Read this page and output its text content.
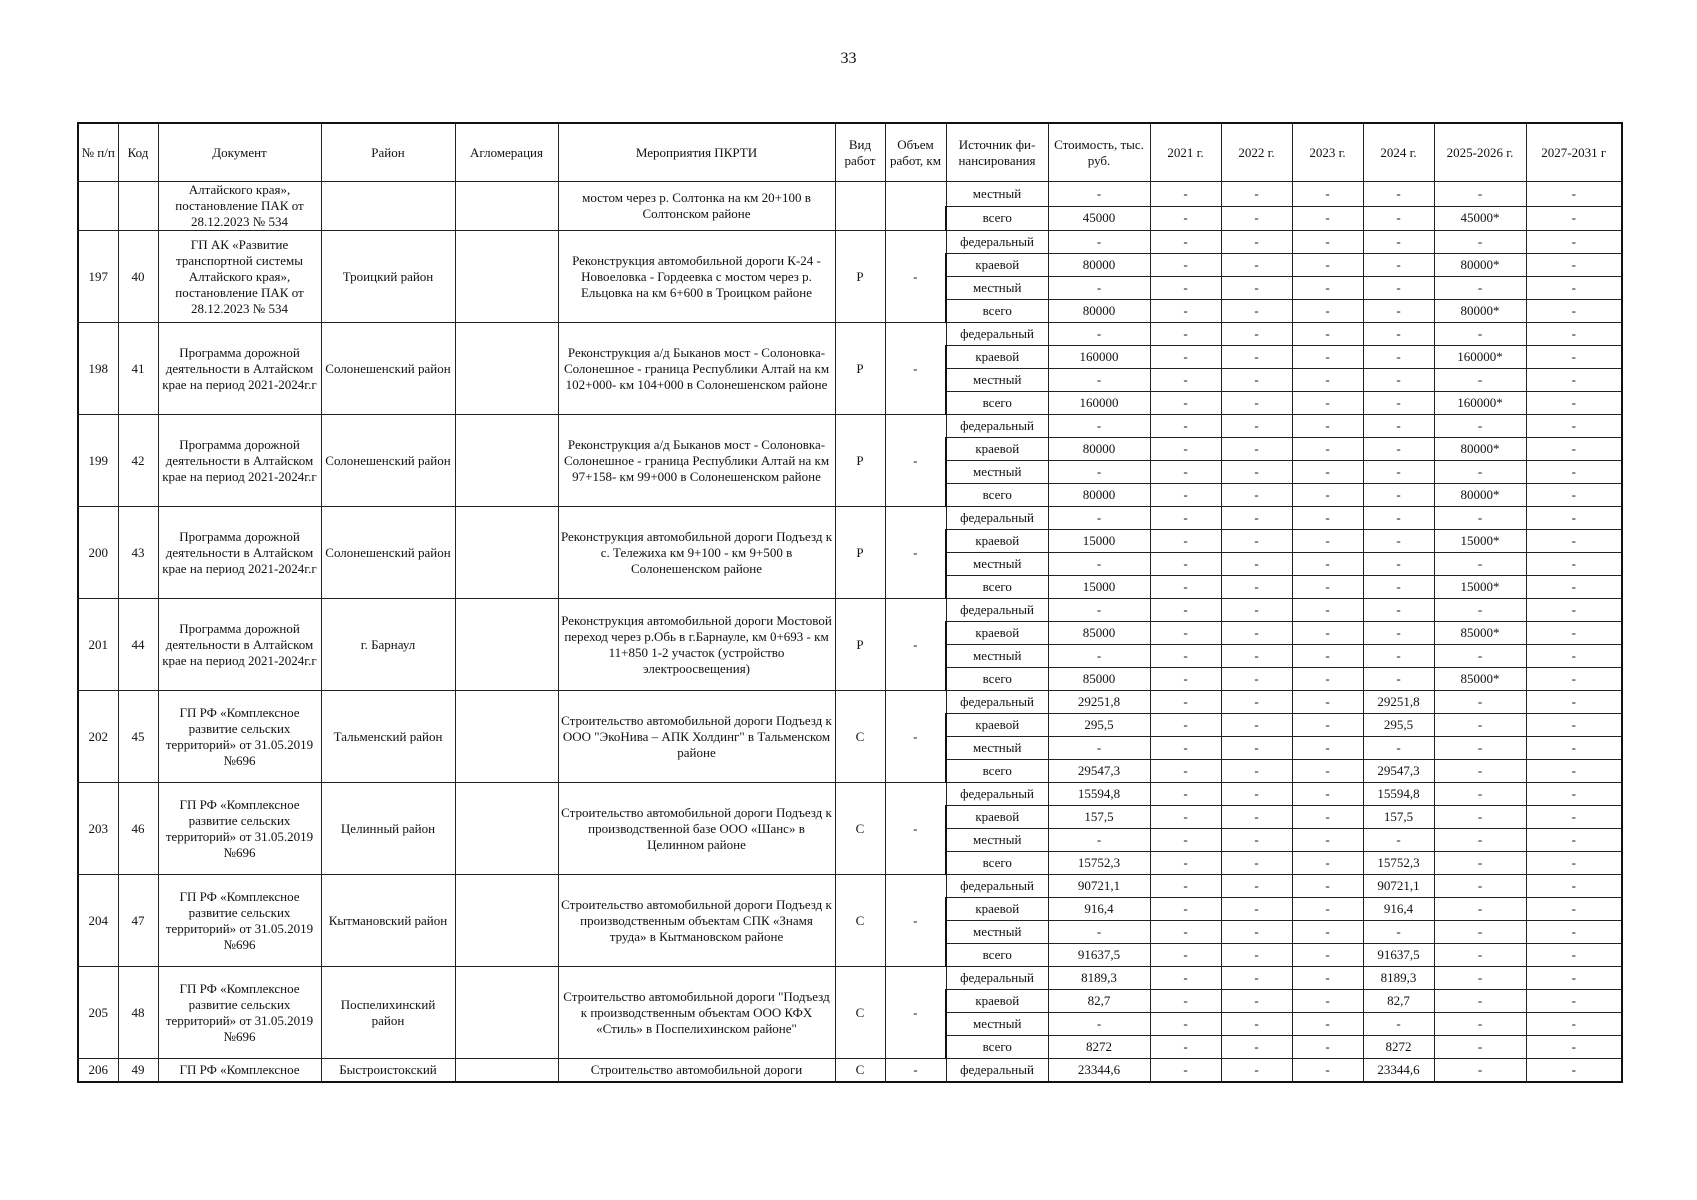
33
№ п/п	Код	Документ	Район	Агломерация	Мероприятия ПКРТИ	Вид работ	Объем работ, км	Источник фи-нансирования	Стоимость, тыс. руб.	2021 г.	2022 г.	2023 г.	2024 г.	2025-2026 г.	2027-2031 г
		Алтайского края», постановление ПАК от 28.12.2023 № 534			мостом через р. Солтонка на км 20+100 в Солтонском районе			местный	-	-	-	-	-	-	-
								всего	45000	-	-	-	-	45000*	-
197	40	ГП АК «Развитие транспортной системы Алтайского края», постановление ПАК от 28.12.2023 № 534	Троицкий район		Реконструкция автомобильной дороги К-24 - Новоеловка - Гордеевка с мостом через р. Ельцовка на км 6+600 в Троицком районе	Р	-	федеральный	-	-	-	-	-	-	-
								краевой	80000	-	-	-	-	80000*	-
								местный	-	-	-	-	-	-	-
								всего	80000	-	-	-	-	80000*	-
198	41	Программа дорожной деятельности в Алтайском крае на период 2021-2024г.г	Солонешенский район		Реконструкция а/д Быканов мост - Солоновка- Солонешное - граница Республики Алтай на км 102+000- км 104+000 в Солонешенском районе	Р	-	федеральный	-	-	-	-	-	-	-
								краевой	160000	-	-	-	-	160000*	-
								местный	-	-	-	-	-	-	-
								всего	160000	-	-	-	-	160000*	-
199	42	Программа дорожной деятельности в Алтайском крае на период 2021-2024г.г	Солонешенский район		Реконструкция а/д Быканов мост - Солоновка- Солонешное - граница Республики Алтай на км 97+158- км 99+000 в Солонешенском районе	Р	-	федеральный	-	-	-	-	-	-	-
								краевой	80000	-	-	-	-	80000*	-
								местный	-	-	-	-	-	-	-
								всего	80000	-	-	-	-	80000*	-
200	43	Программа дорожной деятельности в Алтайском крае на период 2021-2024г.г	Солонешенский район		Реконструкция автомобильной дороги Подъезд к с. Тележиха км 9+100 - км 9+500 в Солонешенском районе	Р	-	федеральный	-	-	-	-	-	-	-
								краевой	15000	-	-	-	-	15000*	-
								местный	-	-	-	-	-	-	-
								всего	15000	-	-	-	-	15000*	-
201	44	Программа дорожной деятельности в Алтайском крае на период 2021-2024г.г	г. Барнаул		Реконструкция автомобильной дороги Мостовой переход через р.Обь в г.Барнауле, км 0+693 - км 11+850 1-2 участок (устройство электроосвещения)	Р	-	федеральный	-	-	-	-	-	-	-
								краевой	85000	-	-	-	-	85000*	-
								местный	-	-	-	-	-	-	-
								всего	85000	-	-	-	-	85000*	-
202	45	ГП РФ «Комплексное развитие сельских территорий» от 31.05.2019 №696	Тальменский район		Строительство автомобильной дороги Подъезд к ООО "ЭкоНива – АПК Холдинг" в Тальменском районе	С	-	федеральный	29251,8	-	-	-	29251,8	-	-
								краевой	295,5	-	-	-	295,5	-	-
								местный	-	-	-	-	-	-	-
								всего	29547,3	-	-	-	29547,3	-	-
203	46	ГП РФ «Комплексное развитие сельских территорий» от 31.05.2019 №696	Целинный район		Строительство автомобильной дороги Подъезд к производственной базе ООО «Шанс» в Целинном районе	С	-	федеральный	15594,8	-	-	-	15594,8	-	-
								краевой	157,5	-	-	-	157,5	-	-
								местный	-	-	-	-	-	-	-
								всего	15752,3	-	-	-	15752,3	-	-
204	47	ГП РФ «Комплексное развитие сельских территорий» от 31.05.2019 №696	Кытмановский район		Строительство автомобильной дороги Подъезд к производственным объектам СПК «Знамя труда» в Кытмановском районе	С	-	федеральный	90721,1	-	-	-	90721,1	-	-
								краевой	916,4	-	-	-	916,4	-	-
								местный	-	-	-	-	-	-	-
								всего	91637,5	-	-	-	91637,5	-	-
205	48	ГП РФ «Комплексное развитие сельских территорий» от 31.05.2019 №696	Поспелихинский район		Строительство автомобильной дороги "Подъезд к производственным объектам ООО КФХ «Стиль» в Поспелихинском районе"	С	-	федеральный	8189,3	-	-	-	8189,3	-	-
								краевой	82,7	-	-	-	82,7	-	-
								местный	-	-	-	-	-	-	-
								всего	8272	-	-	-	8272	-	-
206	49	ГП РФ «Комплексное	Быстроистокский		Строительство автомобильной дороги	С	-	федеральный	23344,6	-	-	-	23344,6	-	-
